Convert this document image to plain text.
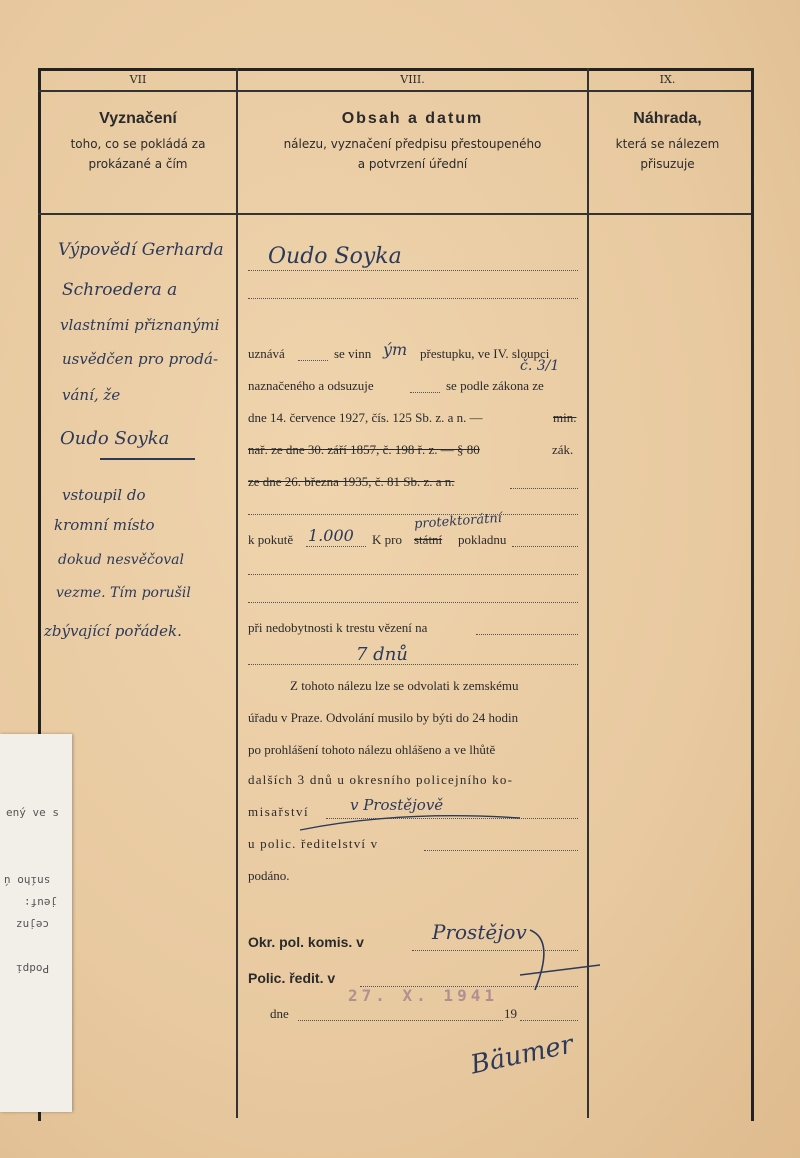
VII	VIII.	IX.
Vyznačení
toho, co se pokládá za
prokázané a čím
Obsah a datum
nálezu, vyznačení předpisu přestoupeného
a potvrzení úřední
Náhrada,
která se nálezem
přisuzuje
Výpovědí Gerharda
Schroedera a
vlastními přiznanými
usvědčen pro prodá-
vání, že
Oudo Soyka
vstoupil do
kromní místo
dokud nesvěčoval
vezme. Tím porušil
zbývající pořádek.
Oudo Soyka
uznává	se vinn ým přestupku, ve IV. sloupci
č. 3/1
naznačeného a odsuzuje	se podle zákona ze
dne 14. července 1927, čís. 125 Sb. z. a n. —	min.
nař. ze dne 30. září 1857, č. 198 ř. z. — § 80	zák.
ze dne 26. března 1935, č. 81 Sb. z. a n.
k pokutě 1.000 K pro státní pokladnu
protektorátní
při nedobytnosti k trestu vězení na
7 dnů
Z tohoto nálezu lze se odvolati k zemskému
úřadu v Praze. Odvolání musilo by býti do 24 hodin
po prohlášení tohoto nálezu ohlášeno a ve lhůtě
dalších 3 dnů u okresního policejního ko-
misařství	v Prostějově
u polic. ředitelství v
podáno.
Okr. pol. komis. v	Prostějov
Polic. ředit. v
dne	19
27. X. 1941
Bäumer
ený ve s
sního ú
jeuf:
cejnz
Podpi
